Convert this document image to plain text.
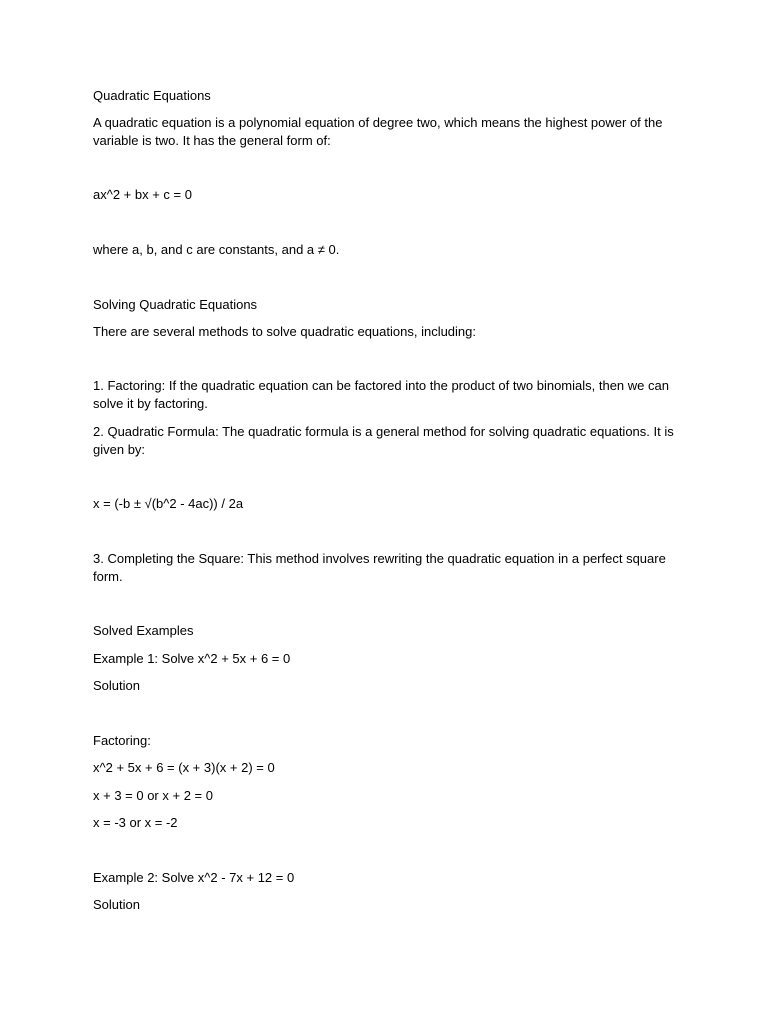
Quadratic Equations

A quadratic equation is a polynomial equation of degree two, which means the highest power of the variable is two. It has the general form of:

ax^2 + bx + c = 0

where a, b, and c are constants, and a ≠ 0.

Solving Quadratic Equations

There are several methods to solve quadratic equations, including:

1. Factoring: If the quadratic equation can be factored into the product of two binomials, then we can solve it by factoring.

2. Quadratic Formula: The quadratic formula is a general method for solving quadratic equations. It is given by:

x = (-b ± √(b^2 - 4ac)) / 2a

3. Completing the Square: This method involves rewriting the quadratic equation in a perfect square form.

Solved Examples

Example 1: Solve x^2 + 5x + 6 = 0

Solution

Factoring:

x^2 + 5x + 6 = (x + 3)(x + 2) = 0

x + 3 = 0 or x + 2 = 0

x = -3 or x = -2

Example 2: Solve x^2 - 7x + 12 = 0

Solution
